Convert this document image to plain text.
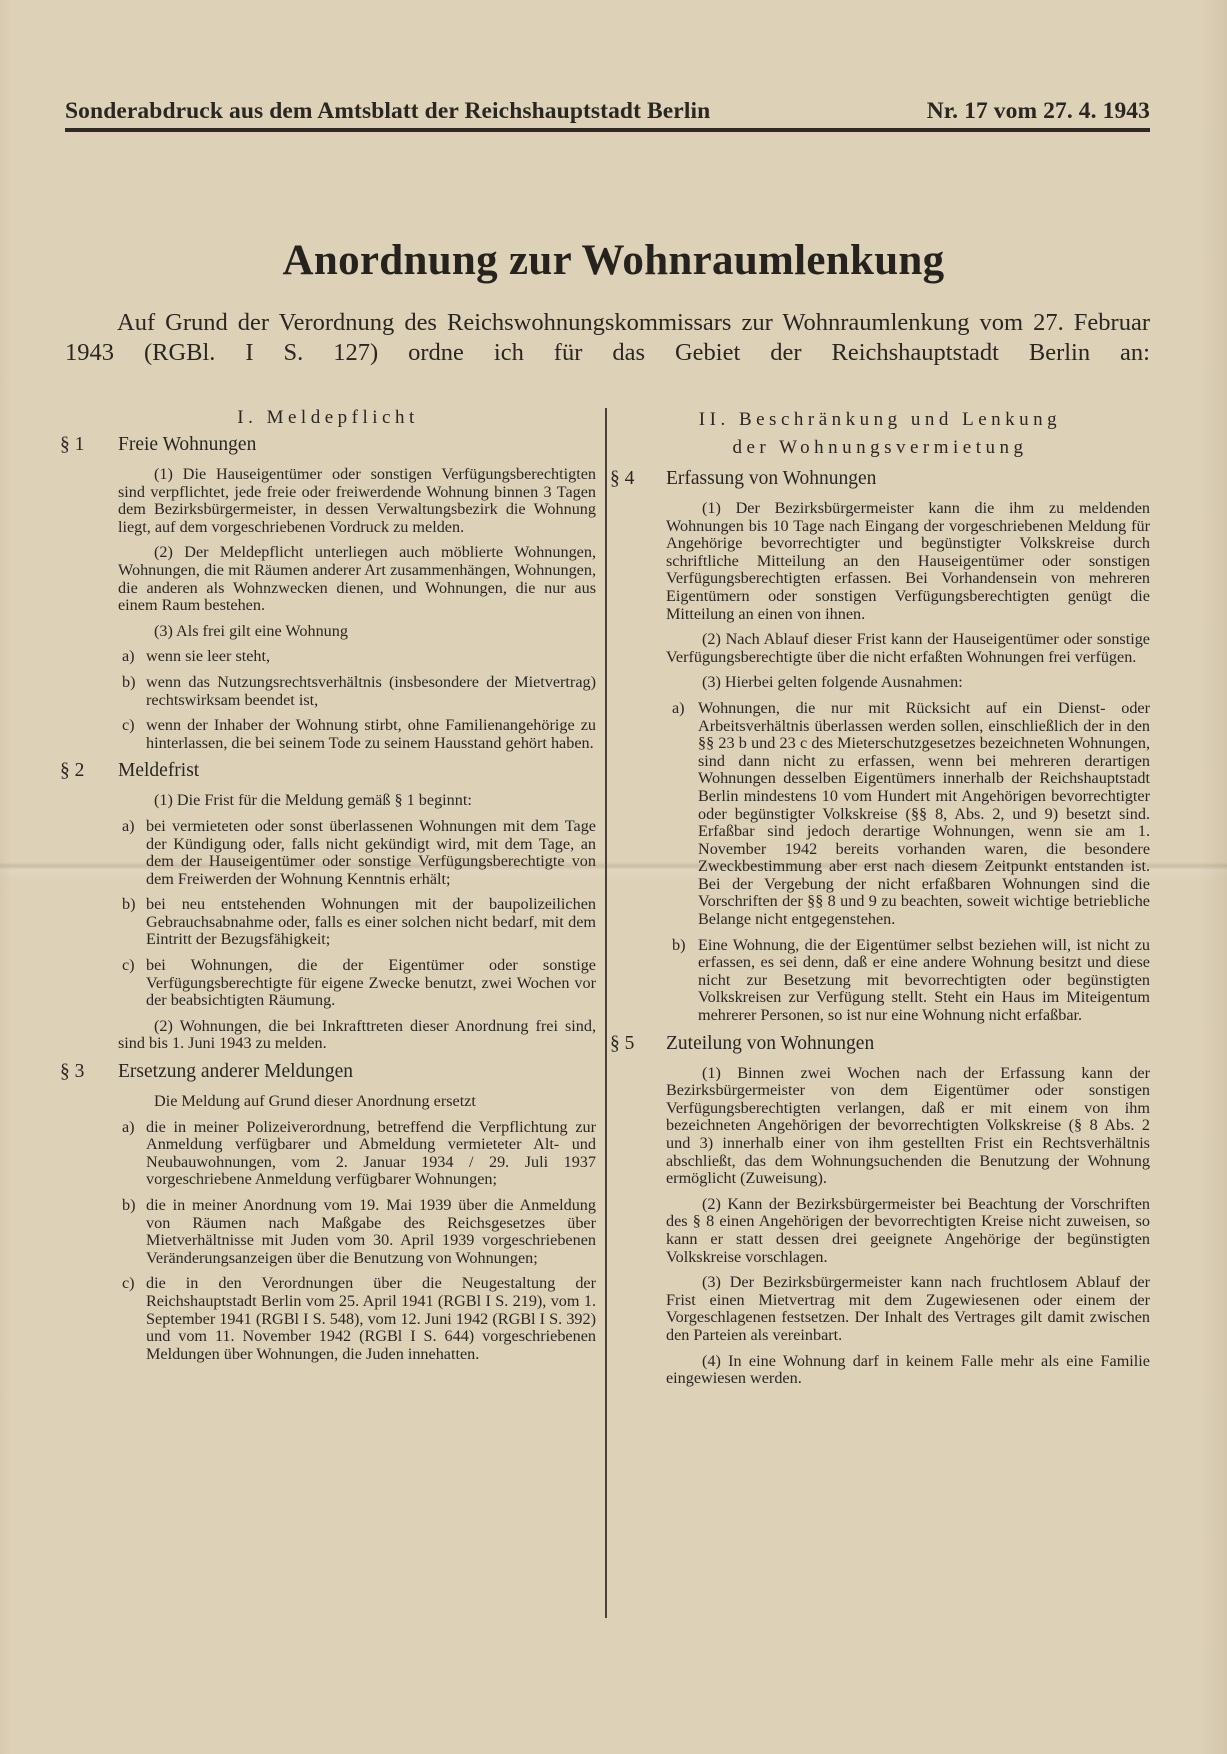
Sonderabdruck aus dem Amtsblatt der Reichshauptstadt Berlin	Nr. 17 vom 27. 4. 1943
Anordnung zur Wohnraumlenkung

Auf Grund der Verordnung des Reichswohnungskommissars zur Wohnraumlenkung vom 27. Februar 1943 (RGBl. I S. 127) ordne ich für das Gebiet der Reichshauptstadt Berlin an:

I. Meldepflicht
§ 1	Freie Wohnungen

(1) Die Hauseigentümer oder sonstigen Verfügungsberechtigten sind verpflichtet, jede freie oder freiwerdende Wohnung binnen 3 Tagen dem Bezirksbürgermeister, in dessen Verwaltungsbezirk die Wohnung liegt, auf dem vorgeschriebenen Vordruck zu melden.

(2) Der Meldepflicht unterliegen auch möblierte Wohnungen, Wohnungen, die mit Räumen anderer Art zusammenhängen, Wohnungen, die anderen als Wohnzwecken dienen, und Wohnungen, die nur aus einem Raum bestehen.

(3) Als frei gilt eine Wohnung

a) wenn sie leer steht,
b) wenn das Nutzungsrechtsverhältnis (insbesondere der Mietvertrag) rechtswirksam beendet ist,
c) wenn der Inhaber der Wohnung stirbt, ohne Familienangehörige zu hinterlassen, die bei seinem Tode zu seinem Hausstand gehört haben.
§ 2	Meldefrist

(1) Die Frist für die Meldung gemäß § 1 beginnt:

a) bei vermieteten oder sonst überlassenen Wohnungen mit dem Tage der Kündigung oder, falls nicht gekündigt wird, mit dem Tage, an dem der Hauseigentümer oder sonstige Verfügungsberechtigte von dem Freiwerden der Wohnung Kenntnis erhält;
b) bei neu entstehenden Wohnungen mit der baupolizeilichen Gebrauchsabnahme oder, falls es einer solchen nicht bedarf, mit dem Eintritt der Bezugsfähigkeit;
c) bei Wohnungen, die der Eigentümer oder sonstige Verfügungsberechtigte für eigene Zwecke benutzt, zwei Wochen vor der beabsichtigten Räumung.

(2) Wohnungen, die bei Inkrafttreten dieser Anordnung frei sind, sind bis 1. Juni 1943 zu melden.

§ 3	Ersetzung anderer Meldungen

Die Meldung auf Grund dieser Anordnung ersetzt

a) die in meiner Polizeiverordnung, betreffend die Verpflichtung zur Anmeldung verfügbarer und Abmeldung vermieteter Alt- und Neubauwohnungen, vom 2. Januar 1934 / 29. Juli 1937 vorgeschriebene Anmeldung verfügbarer Wohnungen;
b) die in meiner Anordnung vom 19. Mai 1939 über die Anmeldung von Räumen nach Maßgabe des Reichsgesetzes über Mietverhältnisse mit Juden vom 30. April 1939 vorgeschriebenen Veränderungsanzeigen über die Benutzung von Wohnungen;
c) die in den Verordnungen über die Neugestaltung der Reichshauptstadt Berlin vom 25. April 1941 (RGBl I S. 219), vom 1. September 1941 (RGBl I S. 548), vom 12. Juni 1942 (RGBl I S. 392) und vom 11. November 1942 (RGBl I S. 644) vorgeschriebenen Meldungen über Wohnungen, die Juden innehatten.
II. Beschränkung und Lenkung
der Wohnungsvermietung
§ 4	Erfassung von Wohnungen

(1) Der Bezirksbürgermeister kann die ihm zu meldenden Wohnungen bis 10 Tage nach Eingang der vorgeschriebenen Meldung für Angehörige bevorrechtigter und begünstigter Volkskreise durch schriftliche Mitteilung an den Hauseigentümer oder sonstigen Verfügungsberechtigten erfassen. Bei Vorhandensein von mehreren Eigentümern oder sonstigen Verfügungsberechtigten genügt die Mitteilung an einen von ihnen.

(2) Nach Ablauf dieser Frist kann der Hauseigentümer oder sonstige Verfügungsberechtigte über die nicht erfaßten Wohnungen frei verfügen.

(3) Hierbei gelten folgende Ausnahmen:

a) Wohnungen, die nur mit Rücksicht auf ein Dienst- oder Arbeitsverhältnis überlassen werden sollen, einschließlich der in den §§ 23 b und 23 c des Mieterschutzgesetzes bezeichneten Wohnungen, sind dann nicht zu erfassen, wenn bei mehreren derartigen Wohnungen desselben Eigentümers innerhalb der Reichshauptstadt Berlin mindestens 10 vom Hundert mit Angehörigen bevorrechtigter oder begünstigter Volkskreise (§§ 8, Abs. 2, und 9) besetzt sind. Erfaßbar sind jedoch derartige Wohnungen, wenn sie am 1. November 1942 bereits vorhanden waren, die besondere Zweckbestimmung aber erst nach diesem Zeitpunkt entstanden ist. Bei der Vergebung der nicht erfaßbaren Wohnungen sind die Vorschriften der §§ 8 und 9 zu beachten, soweit wichtige betriebliche Belange nicht entgegenstehen.
b) Eine Wohnung, die der Eigentümer selbst beziehen will, ist nicht zu erfassen, es sei denn, daß er eine andere Wohnung besitzt und diese nicht zur Besetzung mit bevorrechtigten oder begünstigten Volkskreisen zur Verfügung stellt. Steht ein Haus im Miteigentum mehrerer Personen, so ist nur eine Wohnung nicht erfaßbar.
§ 5	Zuteilung von Wohnungen

(1) Binnen zwei Wochen nach der Erfassung kann der Bezirksbürgermeister von dem Eigentümer oder sonstigen Verfügungsberechtigten verlangen, daß er mit einem von ihm bezeichneten Angehörigen der bevorrechtigten Volkskreise (§ 8 Abs. 2 und 3) innerhalb einer von ihm gestellten Frist ein Rechtsverhältnis abschließt, das dem Wohnungsuchenden die Benutzung der Wohnung ermöglicht (Zuweisung).

(2) Kann der Bezirksbürgermeister bei Beachtung der Vorschriften des § 8 einen Angehörigen der bevorrechtigten Kreise nicht zuweisen, so kann er statt dessen drei geeignete Angehörige der begünstigten Volkskreise vorschlagen.

(3) Der Bezirksbürgermeister kann nach fruchtlosem Ablauf der Frist einen Mietvertrag mit dem Zugewiesenen oder einem der Vorgeschlagenen festsetzen. Der Inhalt des Vertrages gilt damit zwischen den Parteien als vereinbart.

(4) In eine Wohnung darf in keinem Falle mehr als eine Familie eingewiesen werden.
